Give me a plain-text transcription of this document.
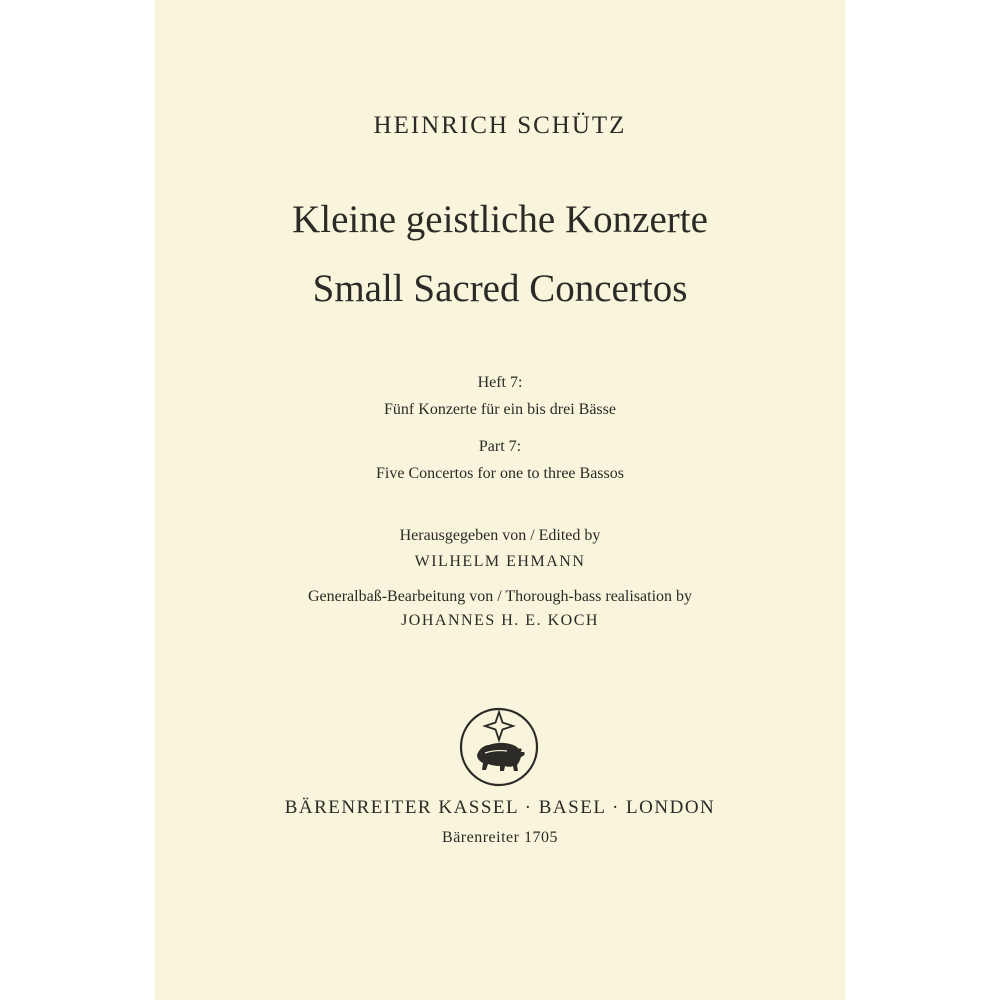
HEINRICH SCHÜTZ

Kleine geistliche Konzerte

Small Sacred Concertos

Heft 7:

Fünf Konzerte für ein bis drei Bässe

Part 7:

Five Concertos for one to three Bassos

Herausgegeben von / Edited by

WILHELM EHMANN

Generalbaß-Bearbeitung von / Thorough-bass realisation by

JOHANNES H. E. KOCH

BÄRENREITER KASSEL · BASEL · LONDON

Bärenreiter 1705
